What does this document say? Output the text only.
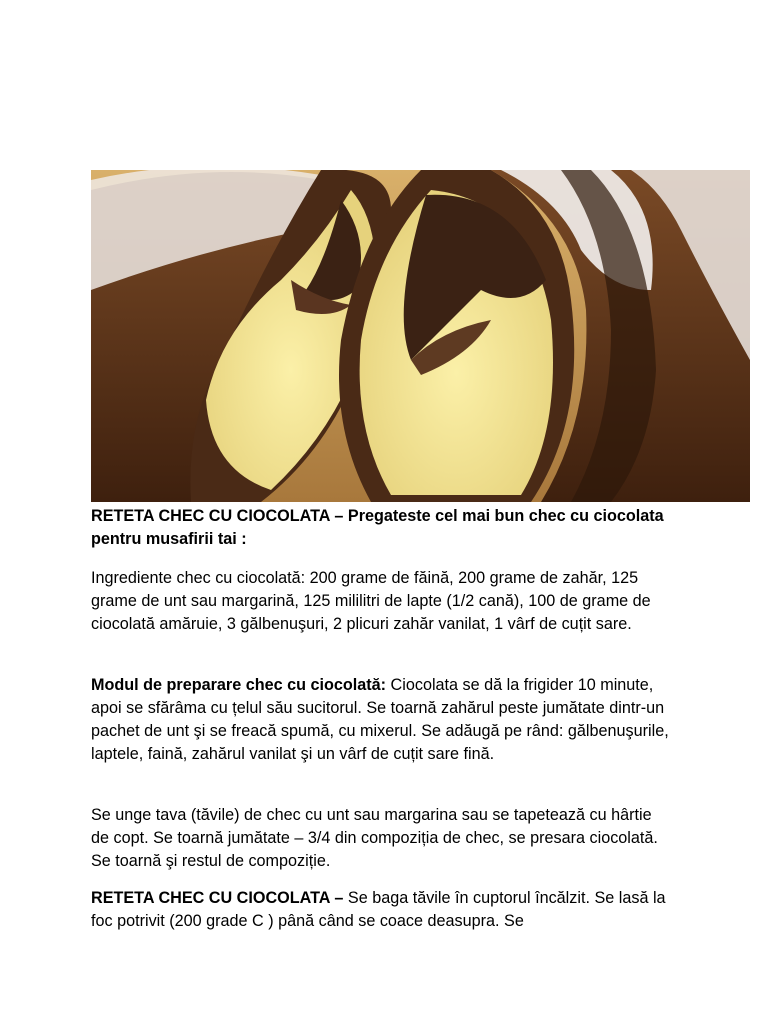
RETETA CHEC CU CIOCOLATA – Pregateste cel mai bun chec cu ciocolata pentru musafirii tai :

Ingrediente chec cu ciocolată: 200 grame de făină, 200 grame de zahăr, 125 grame de unt sau margarină, 125 mililitri de lapte (1/2 cană), 100 de grame de ciocolată amăruie, 3 gălbenuşuri, 2 plicuri zahăr vanilat, 1 vârf de cuțit sare.

Modul de preparare chec cu ciocolată: Ciocolata se dă la frigider 10 minute, apoi se sfărâma cu țelul său sucitorul. Se toarnă zahărul peste jumătate dintr-un pachet de unt şi se freacă spumă, cu mixerul. Se adăugă pe rând: gălbenuşurile, laptele, faină, zahărul vanilat şi un vârf de cuțit sare fină.

Se unge tava (tăvile) de chec cu unt sau margarina sau se tapetează cu hârtie de copt. Se toarnă jumătate – 3/4 din compoziția de chec, se presara ciocolată. Se toarnă şi restul de compoziție.

RETETA CHEC CU CIOCOLATA – Se baga tăvile în cuptorul încălzit. Se lasă la foc potrivit (200 grade C ) până când se coace deasupra. Se
